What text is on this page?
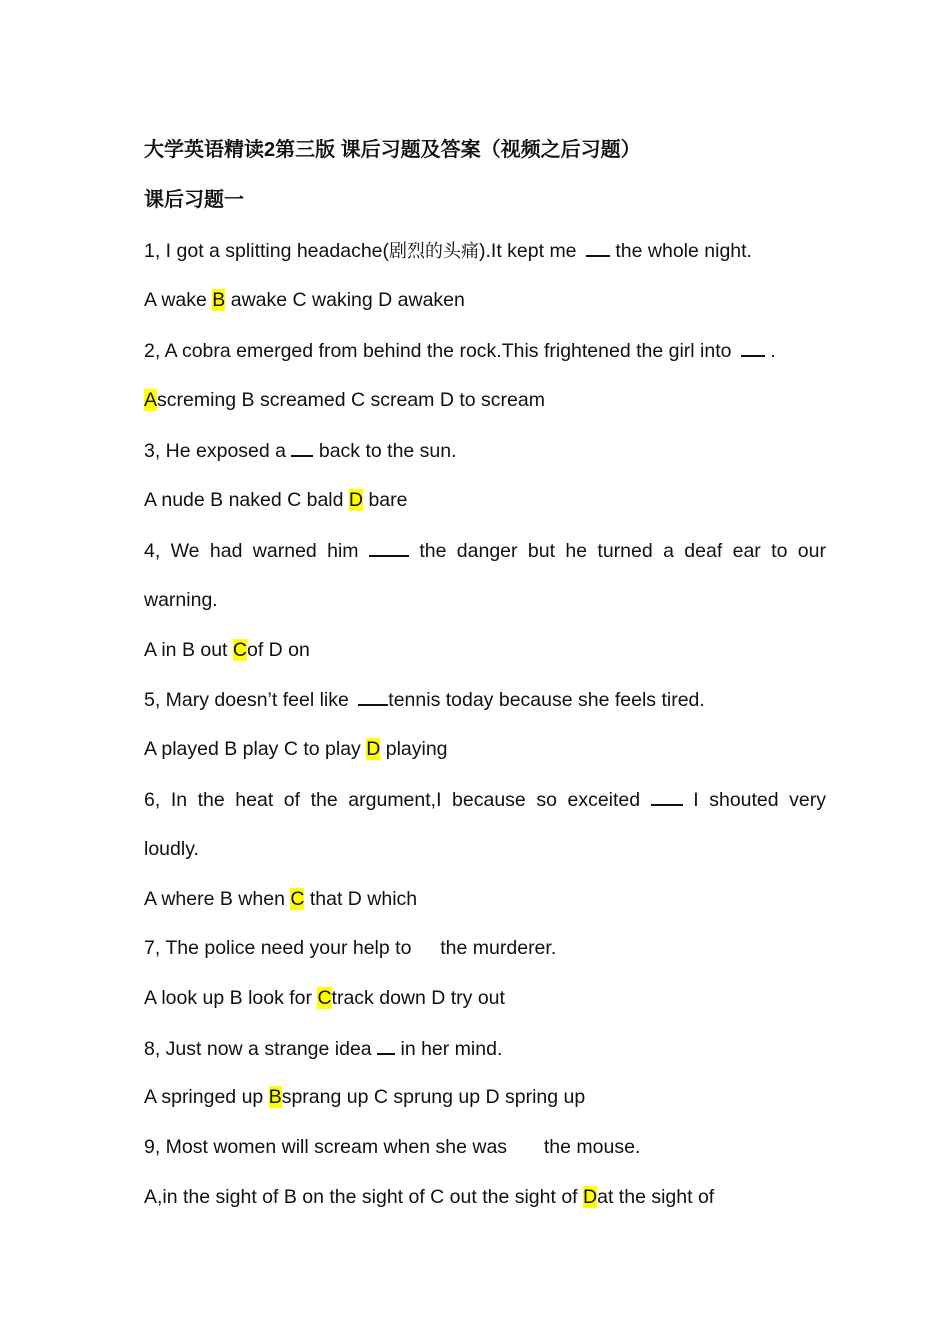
大学英语精读2第三版 课后习题及答案（视频之后习题）
课后习题一
1, I got a splitting headache(剧烈的头痛).It kept me the whole night.
A wake B awake C waking D awaken
2, A cobra emerged from behind the rock.This frightened the girl into .
Ascreming B screamed C scream D to scream
3, He exposed a back to the sun.
A nude B naked C bald D bare
4, We had warned him	the danger but he turned a deaf ear to our
warning.
A in B out Cof D on
5, Mary doesn’t feel like tennis today because she feels tired.
A played B play C to play D playing
6, In the heat of the argument,I because so exceited	I shouted very
loudly.
A where B when C that D which
7, The police need your help to the murderer.
A look up B look for Ctrack down D try out
8, Just now a strange idea in her mind.
A springed up Bsprang up C sprung up D spring up
9, Most women will scream when she was the mouse.
A,in the sight of B on the sight of C out the sight of Dat the sight of
